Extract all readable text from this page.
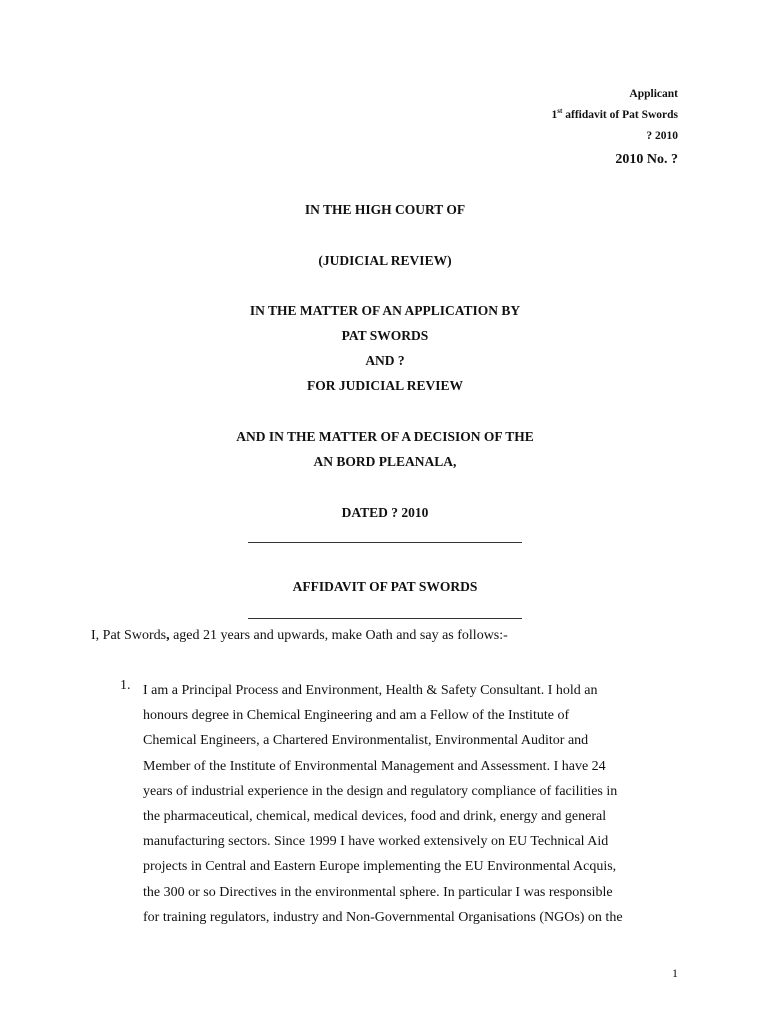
Applicant
1st affidavit of Pat Swords
? 2010
2010 No. ?
IN THE HIGH COURT OF
(JUDICIAL REVIEW)
IN THE MATTER OF AN APPLICATION BY
PAT SWORDS
AND ?
FOR JUDICIAL REVIEW
AND IN THE MATTER OF A DECISION OF THE
AN BORD PLEANALA,
DATED ? 2010
AFFIDAVIT OF PAT SWORDS
I, Pat Swords, aged 21 years and upwards, make Oath and say as follows:-
1. I am a Principal Process and Environment, Health & Safety Consultant. I hold an
honours degree in Chemical Engineering and am a Fellow of the Institute of
Chemical Engineers, a Chartered Environmentalist, Environmental Auditor and
Member of the Institute of Environmental Management and Assessment. I have 24
years of industrial experience in the design and regulatory compliance of facilities in
the pharmaceutical, chemical, medical devices, food and drink, energy and general
manufacturing sectors. Since 1999 I have worked extensively on EU Technical Aid
projects in Central and Eastern Europe implementing the EU Environmental Acquis,
the 300 or so Directives in the environmental sphere. In particular I was responsible
for training regulators, industry and Non-Governmental Organisations (NGOs) on the
1
